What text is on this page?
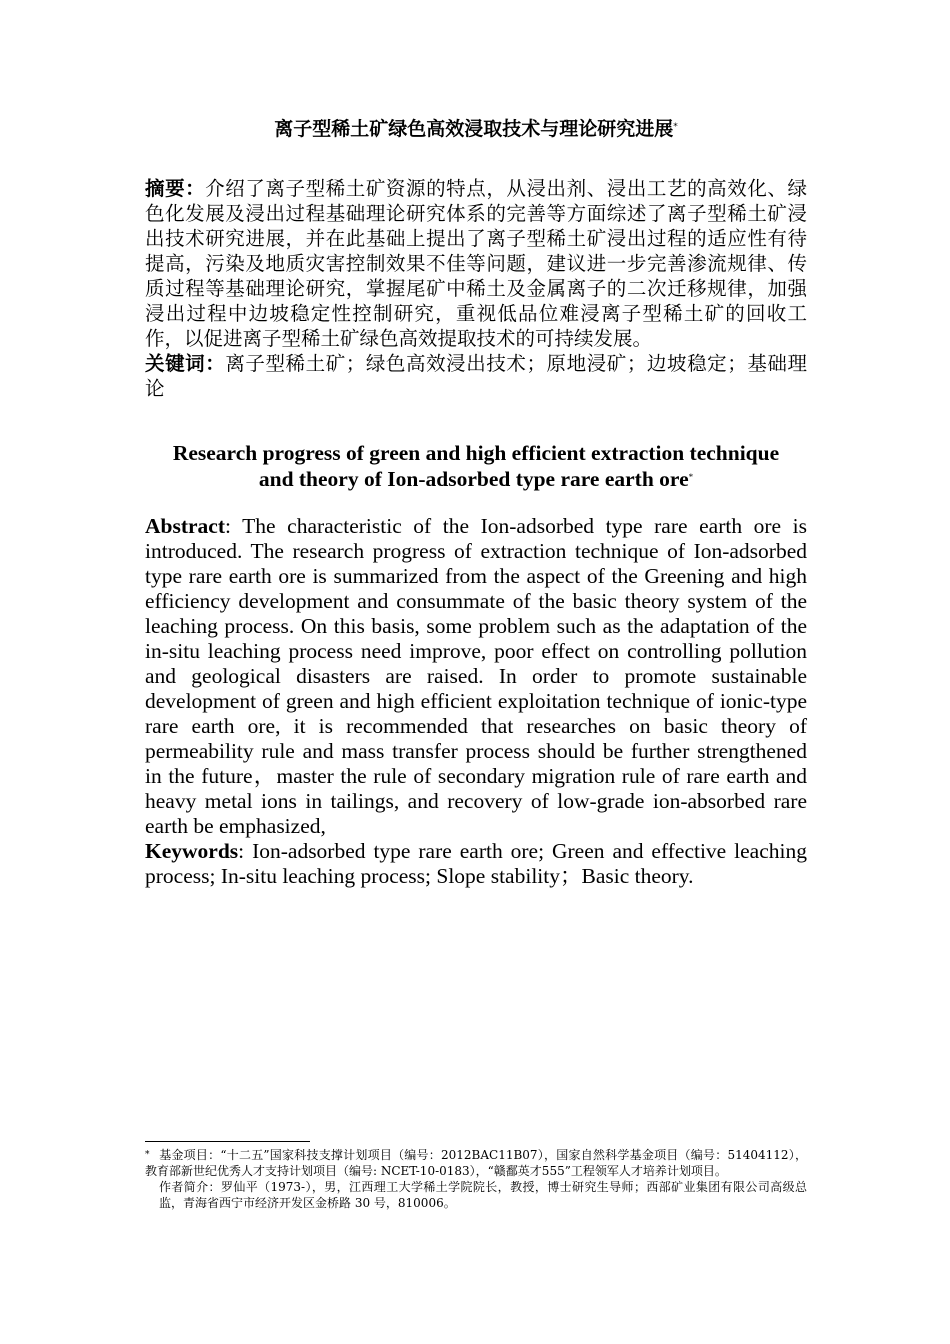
离子型稀土矿绿色高效浸取技术与理论研究进展*

摘要：介绍了离子型稀土矿资源的特点，从浸出剂、浸出工艺的高效化、绿色化发展及浸出过程基础理论研究体系的完善等方面综述了离子型稀土矿浸出技术研究进展，并在此基础上提出了离子型稀土矿浸出过程的适应性有待提高，污染及地质灾害控制效果不佳等问题，建议进一步完善渗流规律、传质过程等基础理论研究，掌握尾矿中稀土及金属离子的二次迁移规律，加强浸出过程中边坡稳定性控制研究，重视低品位难浸离子型稀土矿的回收工作，以促进离子型稀土矿绿色高效提取技术的可持续发展。

关键词：离子型稀土矿；绿色高效浸出技术；原地浸矿；边坡稳定；基础理论

Research progress of green and high efficient extraction technique
and theory of Ion-adsorbed type rare earth ore*

Abstract: The characteristic of the Ion-adsorbed type rare earth ore is introduced. The research progress of extraction technique of Ion-adsorbed type rare earth ore is summarized from the aspect of the Greening and high efficiency development and consummate of the basic theory system of the leaching process. On this basis, some problem such as the adaptation of the in-situ leaching process need improve, poor effect on controlling pollution and geological disasters are raised. In order to promote sustainable development of green and high efficient exploitation technique of ionic-type rare earth ore, it is recommended that researches on basic theory of permeability rule and mass transfer process should be further strengthened in the future，master the rule of secondary migration rule of rare earth and heavy metal ions in tailings, and recovery of low-grade ion-absorbed rare earth be emphasized,

Keywords: Ion-adsorbed type rare earth ore; Green and effective leaching process; In-situ leaching process; Slope stability；Basic theory.

* 基金项目：“十二五”国家科技支撑计划项目（编号：2012BAC11B07），国家自然科学基金项目（编号：51404112），教育部新世纪优秀人才支持计划项目（编号: NCET-10-0183），“赣鄱英才555”工程领军人才培养计划项目。

作者简介：罗仙平（1973-），男，江西理工大学稀土学院院长，教授，博士研究生导师；西部矿业集团有限公司高级总监，青海省西宁市经济开发区金桥路 30 号，810006。
